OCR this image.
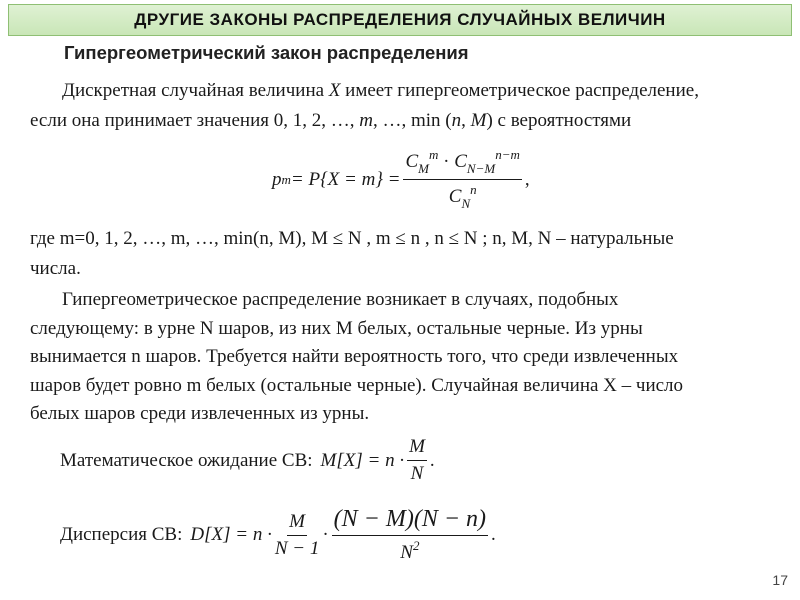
ДРУГИЕ ЗАКОНЫ РАСПРЕДЕЛЕНИЯ СЛУЧАЙНЫХ ВЕЛИЧИН
Гипергеометрический закон распределения
Дискретная случайная величина X имеет гипергеометрическое распределение,
если она принимает значения 0, 1, 2, …, m, …, min (n, M) с вероятностями
p $m = P\{X = m\} = \frac{C_M^m \cdot C_{N-M}^{n-m}}{C_N^n}$ ,
где m=0, 1, 2, …, m, …, min(n, M), M ≤ N , m ≤ n , n ≤ N ; n, M, N – натуральные
числа.
Гипергеометрическое распределение возникает в случаях, подобных
следующему: в урне N шаров, из них M белых, остальные черные. Из урны
вынимается n шаров. Требуется найти вероятность того, что среди извлеченных
шаров будет ровно m белых (остальные черные). Случайная величина X – число
белых шаров среди извлеченных из урны.
Математическое ожидание СВ: $M[X] = n \cdot \frac{M}{N}$ .
Дисперсия СВ: $D[X] = n \cdot \frac{M}{N - 1} \cdot \frac{(N - M)(N - n)}{N^2}$ .
17
